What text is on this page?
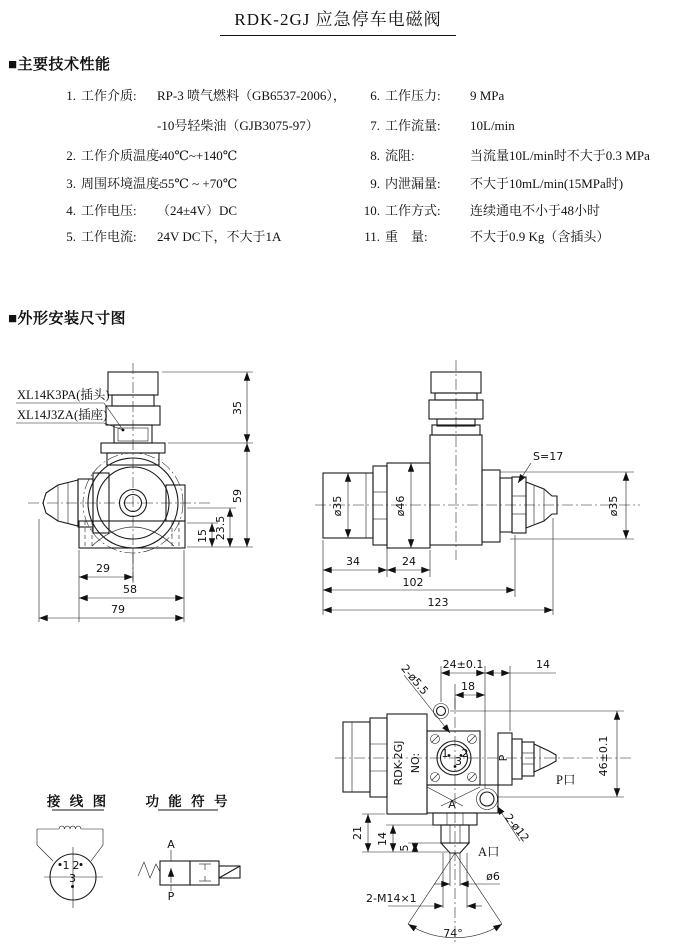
RDK-2GJ 应急停车电磁阀
■主要技术性能
1. 工作介质:	RP-3 喷气燃料（GB6537-2006），
-10号轻柴油（GJB3075-97）
2. 工作介质温度:
-40℃~+140℃
3. 周围环境温度:
-55℃ ~ +70℃
4. 工作电压:	（24±4V）DC
5. 工作电流:	24V DC下，不大于1A
6. 工作压力:	9 MPa
7. 工作流量:	10L/min
8. 流阻:	当流量10L/min时不大于0.3 MPa
9. 内泄漏量:	不大于10mL/min(15MPa时)
10. 工作方式:	连续通电不小于48小时
11. 重　量:	不大于0.9 Kg（含插头）
■外形安装尺寸图
XL14K3PA(插头)
XL14J3ZA(插座)	35
59
23.5
15
29
58
79
S=17
ø35	ø46	ø35
34	24
102
123
RDK-2GJ NO: 1 2
3
A
P
P口
A口
24±0.1	14
18
2-ø5.5
46±0.1
21 14
5
2-ø12
ø6
2-M14×1
74°
接 线 图
1 2
3
功 能 符 号
A
P
